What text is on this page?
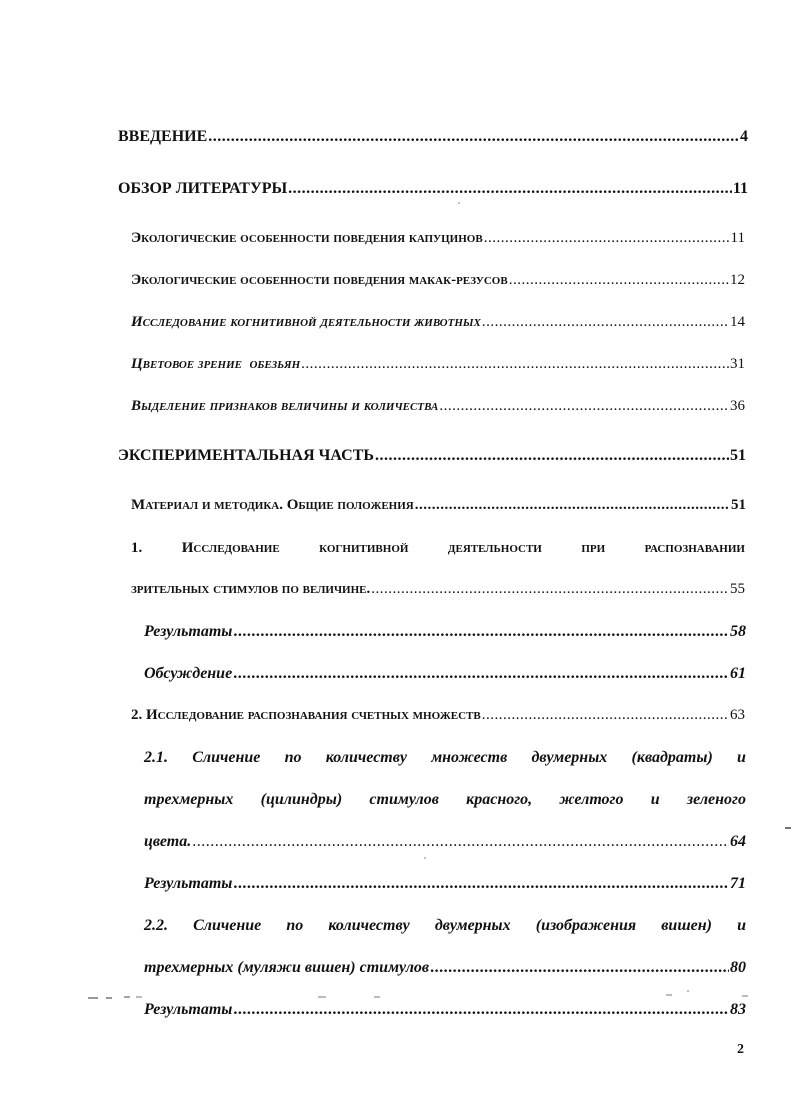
ВВЕДЕНИЕ .....	4
ОБЗОР ЛИТЕРАТУРЫ .....	11
Экологические особенности поведения капуцинов .....	11
Экологические особенности поведения макак-резусов .....	12
Исследование когнитивной деятельности животных .....	14
Цветовое зрение  обезьян .....	31
Выделение признаков величины и количества .....	36
ЭКСПЕРИМЕНТАЛЬНАЯ ЧАСТЬ .....	51
Материал и методика. Общие положения .....	51
1.	Исследование	когнитивной	деятельности	при	распознавании
зрительных стимулов по величине. .....	55
Результаты .....	58
Обсуждение .....	61
2. Исследование распознавания счетных множеств .....	63
2.1. Сличение по количеству множеств двумерных (квадраты) и
трехмерных (цилиндры) стимулов красного, желтого и зеленого
цвета. .....	64
Результаты .....	71
2.2. Сличение по количеству двумерных (изображения вишен) и
трехмерных (муляжи вишен) стимулов .....	80
Результаты .....	83
2
